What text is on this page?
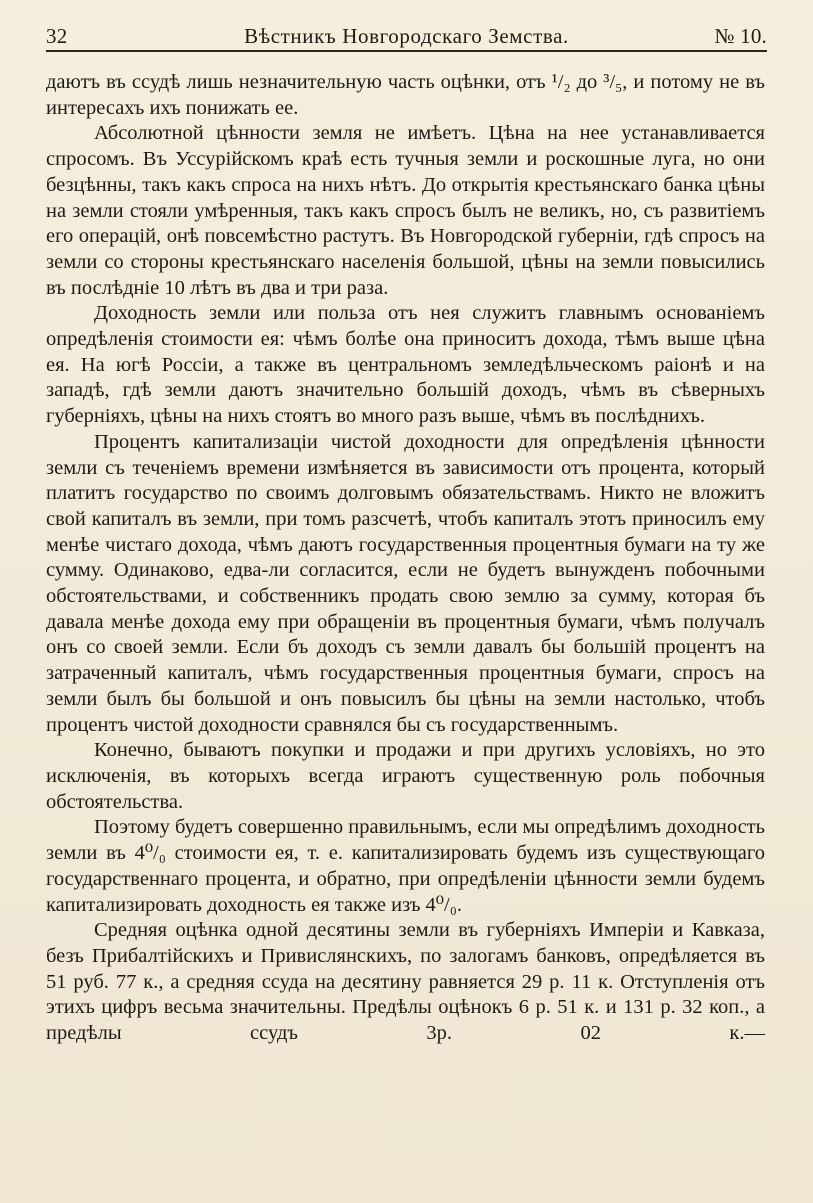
32	Вѣстникъ Новгородскаго Земства.	№ 10.

даютъ въ ссудѣ лишь незначительную часть оцѣнки, отъ ¹/₂ до ³/₅, и потому не въ интересахъ ихъ понижать ее.

Абсолютной цѣнности земля не имѣетъ. Цѣна на нее устанавливается спросомъ. Въ Уссурійскомъ краѣ есть тучныя земли и роскошные луга, но они безцѣнны, такъ какъ спроса на нихъ нѣтъ. До открытія крестьянскаго банка цѣны на земли стояли умѣренныя, такъ какъ спросъ былъ не великъ, но, съ развитіемъ его операцій, онѣ повсемѣстно растутъ. Въ Новгородской губерніи, гдѣ спросъ на земли со стороны крестьянскаго населенія большой, цѣны на земли повысились въ послѣдніе 10 лѣтъ въ два и три раза.

Доходность земли или польза отъ нея служитъ главнымъ основаніемъ опредѣленія стоимости ея: чѣмъ болѣе она приноситъ дохода, тѣмъ выше цѣна ея. На югѣ Россіи, а также въ центральномъ земледѣльческомъ раіонѣ и на западѣ, гдѣ земли даютъ значительно большій доходъ, чѣмъ въ сѣверныхъ губерніяхъ, цѣны на нихъ стоятъ во много разъ выше, чѣмъ въ послѣднихъ.

Процентъ капитализаціи чистой доходности для опредѣленія цѣнности земли съ теченіемъ времени измѣняется въ зависимости отъ процента, который платитъ государство по своимъ долговымъ обязательствамъ. Никто не вложитъ свой капиталъ въ земли, при томъ разсчетѣ, чтобъ капиталъ этотъ приносилъ ему менѣе чистаго дохода, чѣмъ даютъ государственныя процентныя бумаги на ту же сумму. Одинаково, едва-ли согласится, если не будетъ вынужденъ побочными обстоятельствами, и собственникъ продать свою землю за сумму, которая бъ давала менѣе дохода ему при обращеніи въ процентныя бумаги, чѣмъ получалъ онъ со своей земли. Если бъ доходъ съ земли давалъ бы большій процентъ на затраченный капиталъ, чѣмъ государственныя процентныя бумаги, спросъ на земли былъ бы большой и онъ повысилъ бы цѣны на земли настолько, чтобъ процентъ чистой доходности сравнялся бы съ государственнымъ.

Конечно, бываютъ покупки и продажи и при другихъ условіяхъ, но это исключенія, въ которыхъ всегда играютъ существенную роль побочныя обстоятельства.

Поэтому будетъ совершенно правильнымъ, если мы опредѣлимъ доходность земли въ 4⁰/₀ стоимости ея, т. е. капитализировать будемъ изъ существующаго государственнаго процента, и обратно, при опредѣленіи цѣнности земли будемъ капитализировать доходность ея также изъ 4⁰/₀.

Средняя оцѣнка одной десятины земли въ губерніяхъ Имперіи и Кавказа, безъ Прибалтійскихъ и Привислянскихъ, по залогамъ банковъ, опредѣляется въ 51 руб. 77 к., а средняя ссуда на десятину равняется 29 р. 11 к. Отступленія отъ этихъ цифръ весьма значительны. Предѣлы оцѣнокъ 6 р. 51 к. и 131 р. 32 коп., а предѣлы ссудъ 3р. 02 к.—
